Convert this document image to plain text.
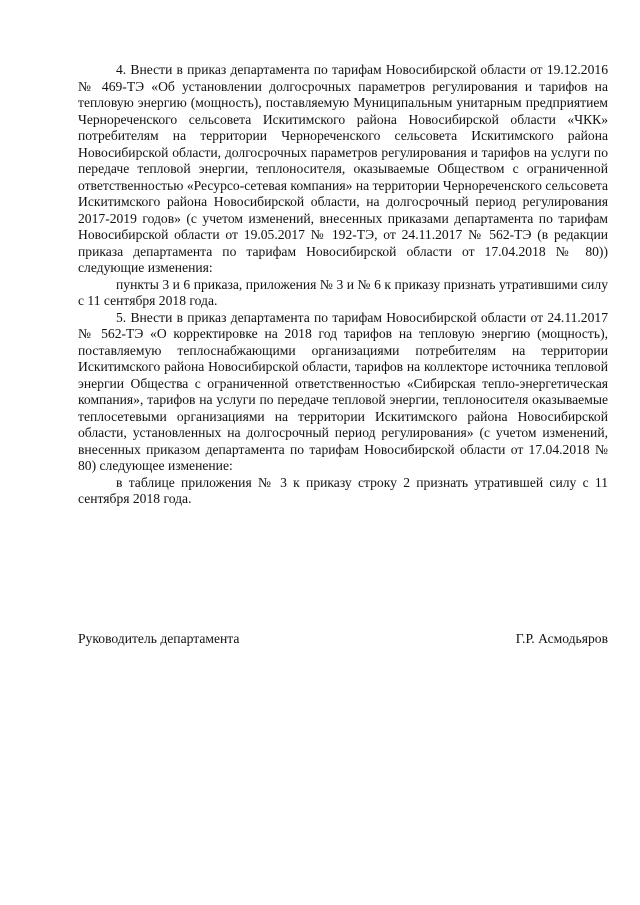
4. Внести в приказ департамента по тарифам Новосибирской области от 19.12.2016 № 469-ТЭ «Об установлении долгосрочных параметров регулирования и тарифов на тепловую энергию (мощность), поставляемую Муниципальным унитарным предприятием Чернореченского сельсовета Искитимского района Новосибирской области «ЧКК» потребителям на территории Чернореченского сельсовета Искитимского района Новосибирской области, долгосрочных параметров регулирования и тарифов на услуги по передаче тепловой энергии, теплоносителя, оказываемые Обществом с ограниченной ответственностью «Ресурсо-сетевая компания» на территории Чернореченского сельсовета Искитимского района Новосибирской области, на долгосрочный период регулирования 2017-2019 годов» (с учетом изменений, внесенных приказами департамента по тарифам Новосибирской области от 19.05.2017 № 192-ТЭ, от 24.11.2017 № 562-ТЭ (в редакции приказа департамента по тарифам Новосибирской области от 17.04.2018 № 80)) следующие изменения:

пункты 3 и 6 приказа, приложения № 3 и № 6 к приказу признать утратившими силу с 11 сентября 2018 года.

5. Внести в приказ департамента по тарифам Новосибирской области от 24.11.2017 № 562-ТЭ «О корректировке на 2018 год тарифов на тепловую энергию (мощность), поставляемую теплоснабжающими организациями потребителям на территории Искитимского района Новосибирской области, тарифов на коллекторе источника тепловой энергии Общества с ограниченной ответственностью «Сибирская тепло-энергетическая компания», тарифов на услуги по передаче тепловой энергии, теплоносителя оказываемые теплосетевыми организациями на территории Искитимского района Новосибирской области, установленных на долгосрочный период регулирования» (с учетом изменений, внесенных приказом департамента по тарифам Новосибирской области от 17.04.2018 № 80) следующее изменение:

в таблице приложения № 3 к приказу строку 2 признать утратившей силу с 11 сентября 2018 года.

Руководитель департамента	Г.Р. Асмодьяров
